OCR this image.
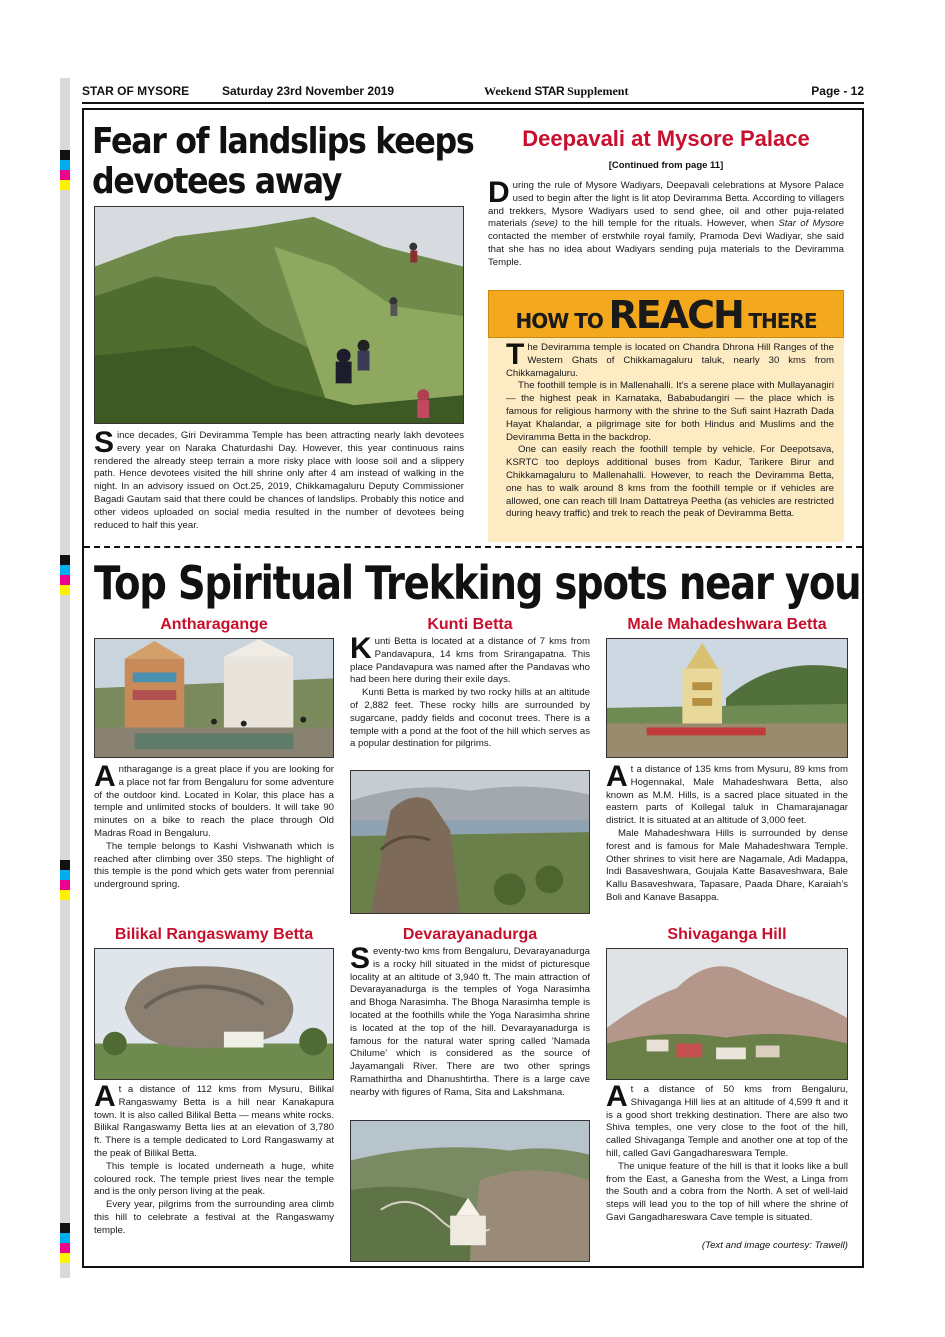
STAR OF MYSORE	Saturday 23rd November 2019	Weekend STAR Supplement	Page - 12
Fear of landslips keeps
devotees away

Since decades, Giri Deviramma Temple has been attracting nearly lakh devotees every year on Naraka Chaturdashi Day. However, this year continuous rains rendered the already steep terrain a more risky place with loose soil and a slippery path. Hence devotees visited the hill shrine only after 4 am instead of walking in the night. In an advisory issued on Oct.25, 2019, Chikkamagaluru Deputy Commissioner Bagadi Gautam said that there could be chances of landslips. Probably this notice and other videos uploaded on social media resulted in the number of devotees being reduced to half this year.

Deepavali at Mysore Palace
[Continued from page 11]

During the rule of Mysore Wadiyars, Deepavali celebrations at Mysore Palace used to begin after the light is lit atop Deviramma Betta. According to villagers and trekkers, Mysore Wadiyars used to send ghee, oil and other puja-related materials (seve) to the hill temple for the rituals. However, when Star of Mysore contacted the member of erstwhile royal family, Pramoda Devi Wadiyar, she said that she has no idea about Wadiyars sending puja materials to the Deviramma Temple.

HOW TO REACH THERE

The Deviramma temple is located on Chandra Dhrona Hill Ranges of the Western Ghats of Chikkamagaluru taluk, nearly 30 kms from Chikkamagaluru.

The foothill temple is in Mallenahalli. It’s a serene place with Mullayanagiri — the highest peak in Karnataka, Bababudangiri — the place which is famous for religious harmony with the shrine to the Sufi saint Hazrath Dada Hayat Khalandar, a pilgrimage site for both Hindus and Muslims and the Deviramma Betta in the backdrop.

One can easily reach the foothill temple by vehicle. For Deepotsava, KSRTC too deploys additional buses from Kadur, Tarikere Birur and Chikkamagaluru to Mallenahalli. However, to reach the Deviramma Betta, one has to walk around 8 kms from the foothill temple or if vehicles are allowed, one can reach till Inam Dattatreya Peetha (as vehicles are restricted during heavy traffic) and trek to reach the peak of Deviramma Betta.

Top Spiritual Trekking spots near you
Antharagange

Antharagange is a great place if you are looking for a place not far from Bengaluru for some adventure of the outdoor kind. Located in Kolar, this place has a temple and unlimited stocks of boulders. It will take 90 minutes on a bike to reach the place through Old Madras Road in Bengaluru.

The temple belongs to Kashi Vishwanath which is reached after climbing over 350 steps. The highlight of this temple is the pond which gets water from perennial underground spring.

Bilikal Rangaswamy Betta

At a distance of 112 kms from Mysuru, Bilikal Rangaswamy Betta is a hill near Kanakapura town. It is also called Bilikal Betta — means white rocks. Bilikal Rangaswamy Betta lies at an elevation of 3,780 ft. There is a temple dedicated to Lord Rangaswamy at the peak of Bilikal Betta.

This temple is located underneath a huge, white coloured rock. The temple priest lives near the temple and is the only person living at the peak.

Every year, pilgrims from the surrounding area climb this hill to celebrate a festival at the Rangaswamy temple.

Kunti Betta

Kunti Betta is located at a distance of 7 kms from Pandavapura, 14 kms from Srirangapatna. This place Pandavapura was named after the Pandavas who had been here during their exile days.

Kunti Betta is marked by two rocky hills at an altitude of 2,882 feet. These rocky hills are surrounded by sugarcane, paddy fields and coconut trees. There is a temple with a pond at the foot of the hill which serves as a popular destination for pilgrims.

Devarayanadurga

Seventy-two kms from Bengaluru, Devarayanadurga is a rocky hill situated in the midst of picturesque locality at an altitude of 3,940 ft. The main attraction of Devarayanadurga is the temples of Yoga Narasimha and Bhoga Narasimha. The Bhoga Narasimha temple is located at the foothills while the Yoga Narasimha shrine is located at the top of the hill. Devarayanadurga is famous for the natural water spring called 'Namada Chilume' which is considered as the source of Jayamangali River. There are two other springs Ramathirtha and Dhanushtirtha. There is a large cave nearby with figures of Rama, Sita and Lakshmana.

Male Mahadeshwara Betta

At a distance of 135 kms from Mysuru, 89 kms from Hogennakal, Male Mahadeshwara Betta, also known as M.M. Hills, is a sacred place situated in the eastern parts of Kollegal taluk in Chamarajanagar district. It is situated at an altitude of 3,000 feet.

Male Mahadeshwara Hills is surrounded by dense forest and is famous for Male Mahadeshwara Temple. Other shrines to visit here are Nagamale, Adi Madappa, Indi Basaveshwara, Goujala Katte Basaveshwara, Bale Kallu Basaveshwara, Tapasare, Paada Dhare, Karaiah’s Boli and Kanave Basappa.

Shivaganga Hill

At a distance of 50 kms from Bengaluru, Shivaganga Hill lies at an altitude of 4,599 ft and it is a good short trekking destination. There are also two Shiva temples, one very close to the foot of the hill, called Shivaganga Temple and another one at top of the hill, called Gavi Gangadhareswara Temple.

The unique feature of the hill is that it looks like a bull from the East, a Ganesha from the West, a Linga from the South and a cobra from the North. A set of well-laid steps will lead you to the top of hill where the shrine of Gavi Gangadhareswara Cave temple is situated.

(Text and image courtesy: Trawell)
